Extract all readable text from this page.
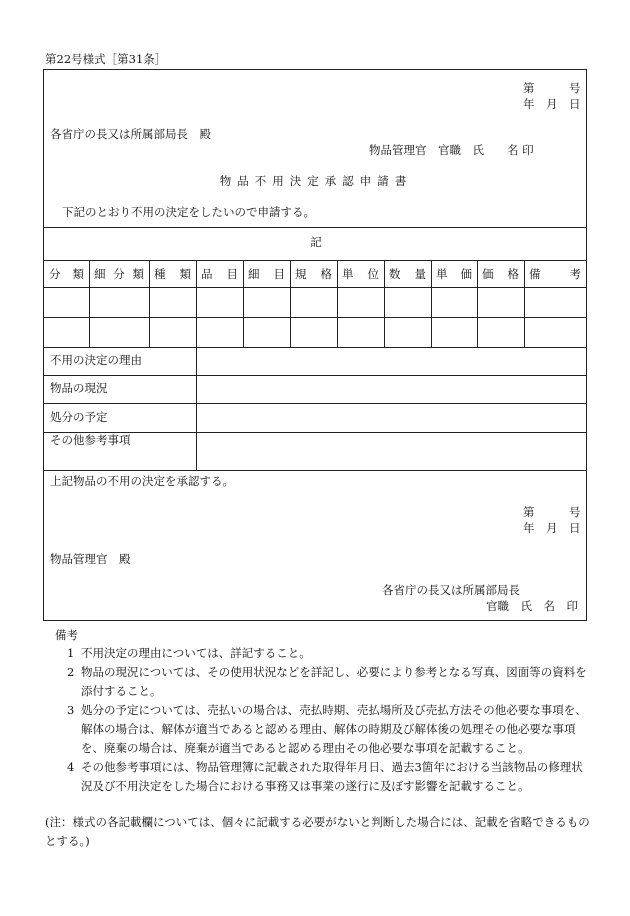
第22号様式［第31条］
第　　　号
年　月　日
各省庁の長又は所属部局長　殿
物品管理官　官職　氏　　名 印
物品不用決定承認申請書
下記のとおり不用の決定をしたいので申請する。
記
分 類 細 分 類 種 類 品 目 細 目 規 格 単 位 数 量 単 価 価 格 備	考
不用の決定の理由
物品の現況
処分の予定
その他参考事項
上記物品の不用の決定を承認する。
第　　　号
年　月　日
物品管理官　殿
各省庁の長又は所属部局長
官職　氏　名　印
備考
1 不用決定の理由については、詳記すること。
2 物品の現況については、その使用状況などを詳記し、必要により参考となる写真、図面等の資料を添付すること。
3 処分の予定については、売払いの場合は、売払時期、売払場所及び売払方法その他必要な事項を、解体の場合は、解体が適当であると認める理由、解体の時期及び解体後の処理その他必要な事項を、廃棄の場合は、廃棄が適当であると認める理由その他必要な事項を記載すること。
4 その他参考事項には、物品管理簿に記載された取得年月日、過去3箇年における当該物品の修理状況及び不用決定をした場合における事務又は事業の遂行に及ぼす影響を記載すること。
(注：様式の各記載欄については、個々に記載する必要がないと判断した場合には、記載を省略できるものとする。)
